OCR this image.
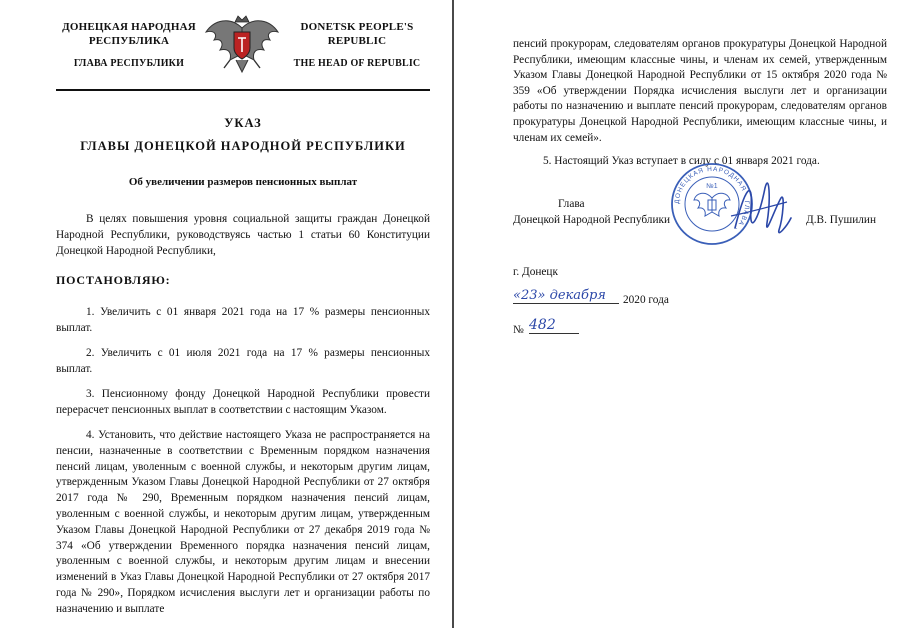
ДОНЕЦКАЯ НАРОДНАЯ
РЕСПУБЛИКА
ГЛАВА РЕСПУБЛИКИ
DONETSK PEOPLE'S
REPUBLIC
THE HEAD OF REPUBLIC
УКАЗ
ГЛАВЫ ДОНЕЦКОЙ НАРОДНОЙ РЕСПУБЛИКИ
Об увеличении размеров пенсионных выплат
В целях повышения уровня социальной защиты граждан Донецкой Народной Республики, руководствуясь частью 1 статьи 60 Конституции Донецкой Народной Республики,
ПОСТАНОВЛЯЮ:
1. Увеличить с 01 января 2021 года на 17 % размеры пенсионных выплат.
2. Увеличить с 01 июля 2021 года на 17 % размеры пенсионных выплат.
3. Пенсионному фонду Донецкой Народной Республики провести перерасчет пенсионных выплат в соответствии с настоящим Указом.
4. Установить, что действие настоящего Указа не распространяется на пенсии, назначенные в соответствии с Временным порядком назначения пенсий лицам, уволенным с военной службы, и некоторым другим лицам, утвержденным Указом Главы Донецкой Народной Республики от 27 октября 2017 года № 290, Временным порядком назначения пенсий лицам, уволенным с военной службы, и некоторым другим лицам, утвержденным Указом Главы Донецкой Народной Республики от 27 декабря 2019 года № 374 «Об утверждении Временного порядка назначения пенсий лицам, уволенным с военной службы, и некоторым другим лицам и внесении изменений в Указ Главы Донецкой Народной Республики от 27 октября 2017 года № 290», Порядком исчисления выслуги лет и организации работы по назначению и выплате
пенсий прокурорам, следователям органов прокуратуры Донецкой Народной Республики, имеющим классные чины, и членам их семей, утвержденным Указом Главы Донецкой Народной Республики от 15 октября 2020 года № 359 «Об утверждении Порядка исчисления выслуги лет и организации работы по назначению и выплате пенсий прокурорам, следователям органов прокуратуры Донецкой Народной Республики, имеющим классные чины, и членам их семей».
5. Настоящий Указ вступает в силу с 01 января 2021 года.
Глава
Донецкой Народной Республики
ДОНЕЦКАЯ НАРОДНАЯ · ГЛАВА ·
№1
Д.В. Пушилин
г. Донецк
«23» декабря	2020 года
№ 482
